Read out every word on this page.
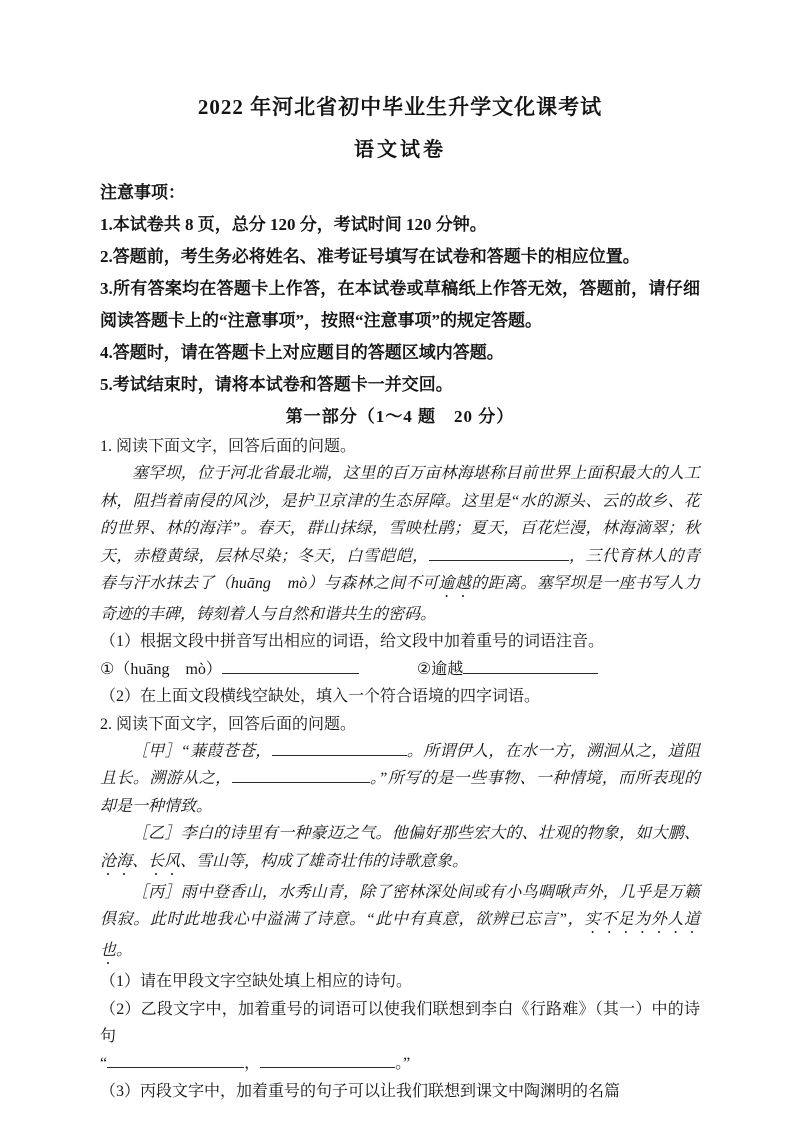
2022 年河北省初中毕业生升学文化课考试
语文试卷

注意事项：

1.本试卷共 8 页，总分 120 分，考试时间 120 分钟。

2.答题前，考生务必将姓名、准考证号填写在试卷和答题卡的相应位置。

3.所有答案均在答题卡上作答，在本试卷或草稿纸上作答无效，答题前，请仔细阅读答题卡上的“注意事项”，按照“注意事项”的规定答题。

4.答题时，请在答题卡上对应题目的答题区域内答题。

5.考试结束时，请将本试卷和答题卡一并交回。

第一部分（1～4 题　20 分）

1. 阅读下面文字，回答后面的问题。

塞罕坝，位于河北省最北端，这里的百万亩林海堪称目前世界上面积最大的人工林，阻挡着南侵的风沙，是护卫京津的生态屏障。这里是“水的源头、云的故乡、花的世界、林的海洋”。春天，群山抹绿，雪映杜鹃；夏天，百花烂漫，林海滴翠；秋天，赤橙黄绿，层林尽染；冬天，白雪皑皑，	，三代育林人的青春与汗水抹去了（huāng　mò）与森林之间不可逾越的距离。塞罕坝是一座书写人力奇迹的丰碑，铸刻着人与自然和谐共生的密码。

（1）根据文段中拼音写出相应的词语，给文段中加着重号的词语注音。

①（huāng　mò）	②逾越

（2）在上面文段横线空缺处，填入一个符合语境的四字词语。

2. 阅读下面文字，回答后面的问题。

［甲］“蒹葭苍苍，	。所谓伊人，在水一方，溯洄从之，道阻且长。溯游从之，	。”所写的是一些事物、一种情境，而所表现的却是一种情致。

［乙］李白的诗里有一种豪迈之气。他偏好那些宏大的、壮观的物象，如大鹏、沧海、长风、雪山等，构成了雄奇壮伟的诗歌意象。

［丙］雨中登香山，水秀山青，除了密林深处间或有小鸟啁啾声外，几乎是万籁俱寂。此时此地我心中溢满了诗意。“此中有真意，欲辨已忘言”，实不足为外人道也。

（1）请在甲段文字空缺处填上相应的诗句。

（2）乙段文字中，加着重号的词语可以使我们联想到李白《行路难》（其一）中的诗句

“	，	。”

（3）丙段文字中，加着重号的句子可以让我们联想到课文中陶渊明的名篇
